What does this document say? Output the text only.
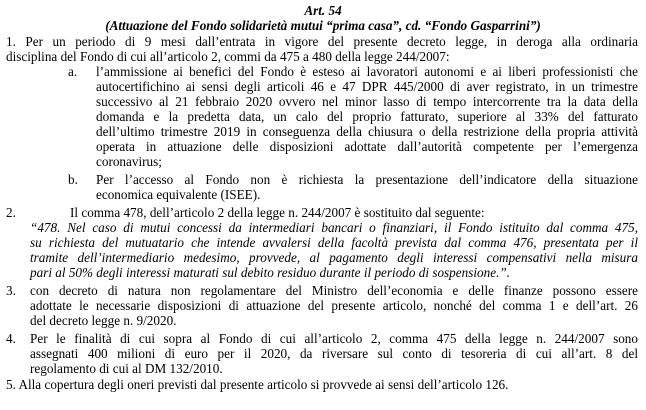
Art. 54
(Attuazione del Fondo solidarietà mutui “prima casa”, cd. “Fondo Gasparrini”)
1. Per un periodo di 9 mesi dall’entrata in vigore del presente decreto legge, in deroga alla ordinaria
disciplina del Fondo di cui all’articolo 2, commi da 475 a 480 della legge 244/2007:
a. l’ammissione ai benefici del Fondo è esteso ai lavoratori autonomi e ai liberi professionisti che
autocertifichino ai sensi degli articoli 46 e 47 DPR 445/2000 di aver registrato, in un trimestre
successivo al 21 febbraio 2020 ovvero nel minor lasso di tempo intercorrente tra la data della
domanda e la predetta data, un calo del proprio fatturato, superiore al 33% del fatturato
dell’ultimo trimestre 2019 in conseguenza della chiusura o della restrizione della propria attività
operata in attuazione delle disposizioni adottate dall’autorità competente per l’emergenza
coronavirus;
b. Per l’accesso al Fondo non è richiesta la presentazione dell’indicatore della situazione
economica equivalente (ISEE).
2.	Il comma 478, dell’articolo 2 della legge n. 244/2007 è sostituito dal seguente:
“478. Nel caso di mutui concessi da intermediari bancari o finanziari, il Fondo istituito dal comma 475,
su richiesta del mutuatario che intende avvalersi della facoltà prevista dal comma 476, presentata per il
tramite dell’intermediario medesimo, provvede, al pagamento degli interessi compensativi nella misura
pari al 50% degli interessi maturati sul debito residuo durante il periodo di sospensione.”.
3. con decreto di natura non regolamentare del Ministro dell’economia e delle finanze possono essere
adottate le necessarie disposizioni di attuazione del presente articolo, nonché del comma 1 e dell’art. 26
del decreto legge n. 9/2020.
4. Per le finalità di cui sopra al Fondo di cui all’articolo 2, comma 475 della legge n. 244/2007 sono
assegnati 400 milioni di euro per il 2020, da riversare sul conto di tesoreria di cui all’art. 8 del
regolamento di cui al DM 132/2010.
5. Alla copertura degli oneri previsti dal presente articolo si provvede ai sensi dell’articolo 126.
